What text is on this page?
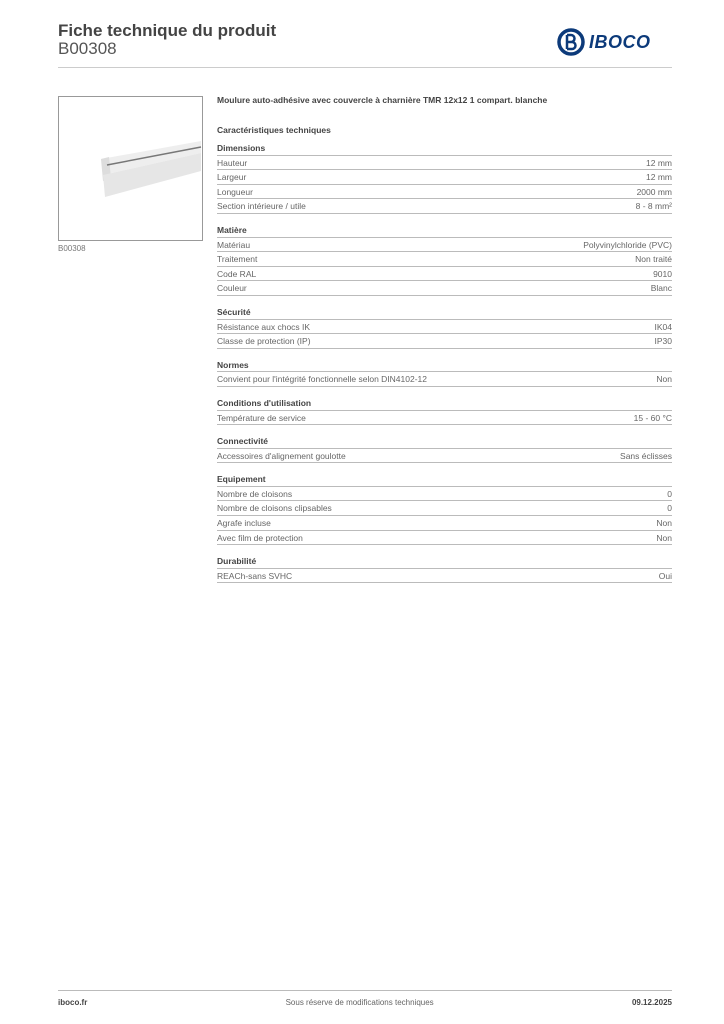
Fiche technique du produit
B00308	IBOCO
B00308
Moulure auto-adhésive avec couvercle à charnière TMR 12x12 1 compart. blanche
Caractéristiques techniques
Dimensions
Hauteur	12 mm
Largeur	12 mm
Longueur	2000 mm
Section intérieure / utile	8 - 8 mm²
Matière
Matériau	Polyvinylchloride (PVC)
Traitement	Non traité
Code RAL	9010
Couleur	Blanc
Sécurité
Résistance aux chocs IK	IK04
Classe de protection (IP)	IP30
Normes
Convient pour l'intégrité fonctionnelle selon DIN4102-12	Non
Conditions d'utilisation
Température de service	15 - 60 °C
Connectivité
Accessoires d'alignement goulotte	Sans éclisses
Equipement
Nombre de cloisons	0
Nombre de cloisons clipsables	0
Agrafe incluse	Non
Avec film de protection	Non
Durabilité
REACh-sans SVHC	Oui
iboco.fr	Sous réserve de modifications techniques	09.12.2025
